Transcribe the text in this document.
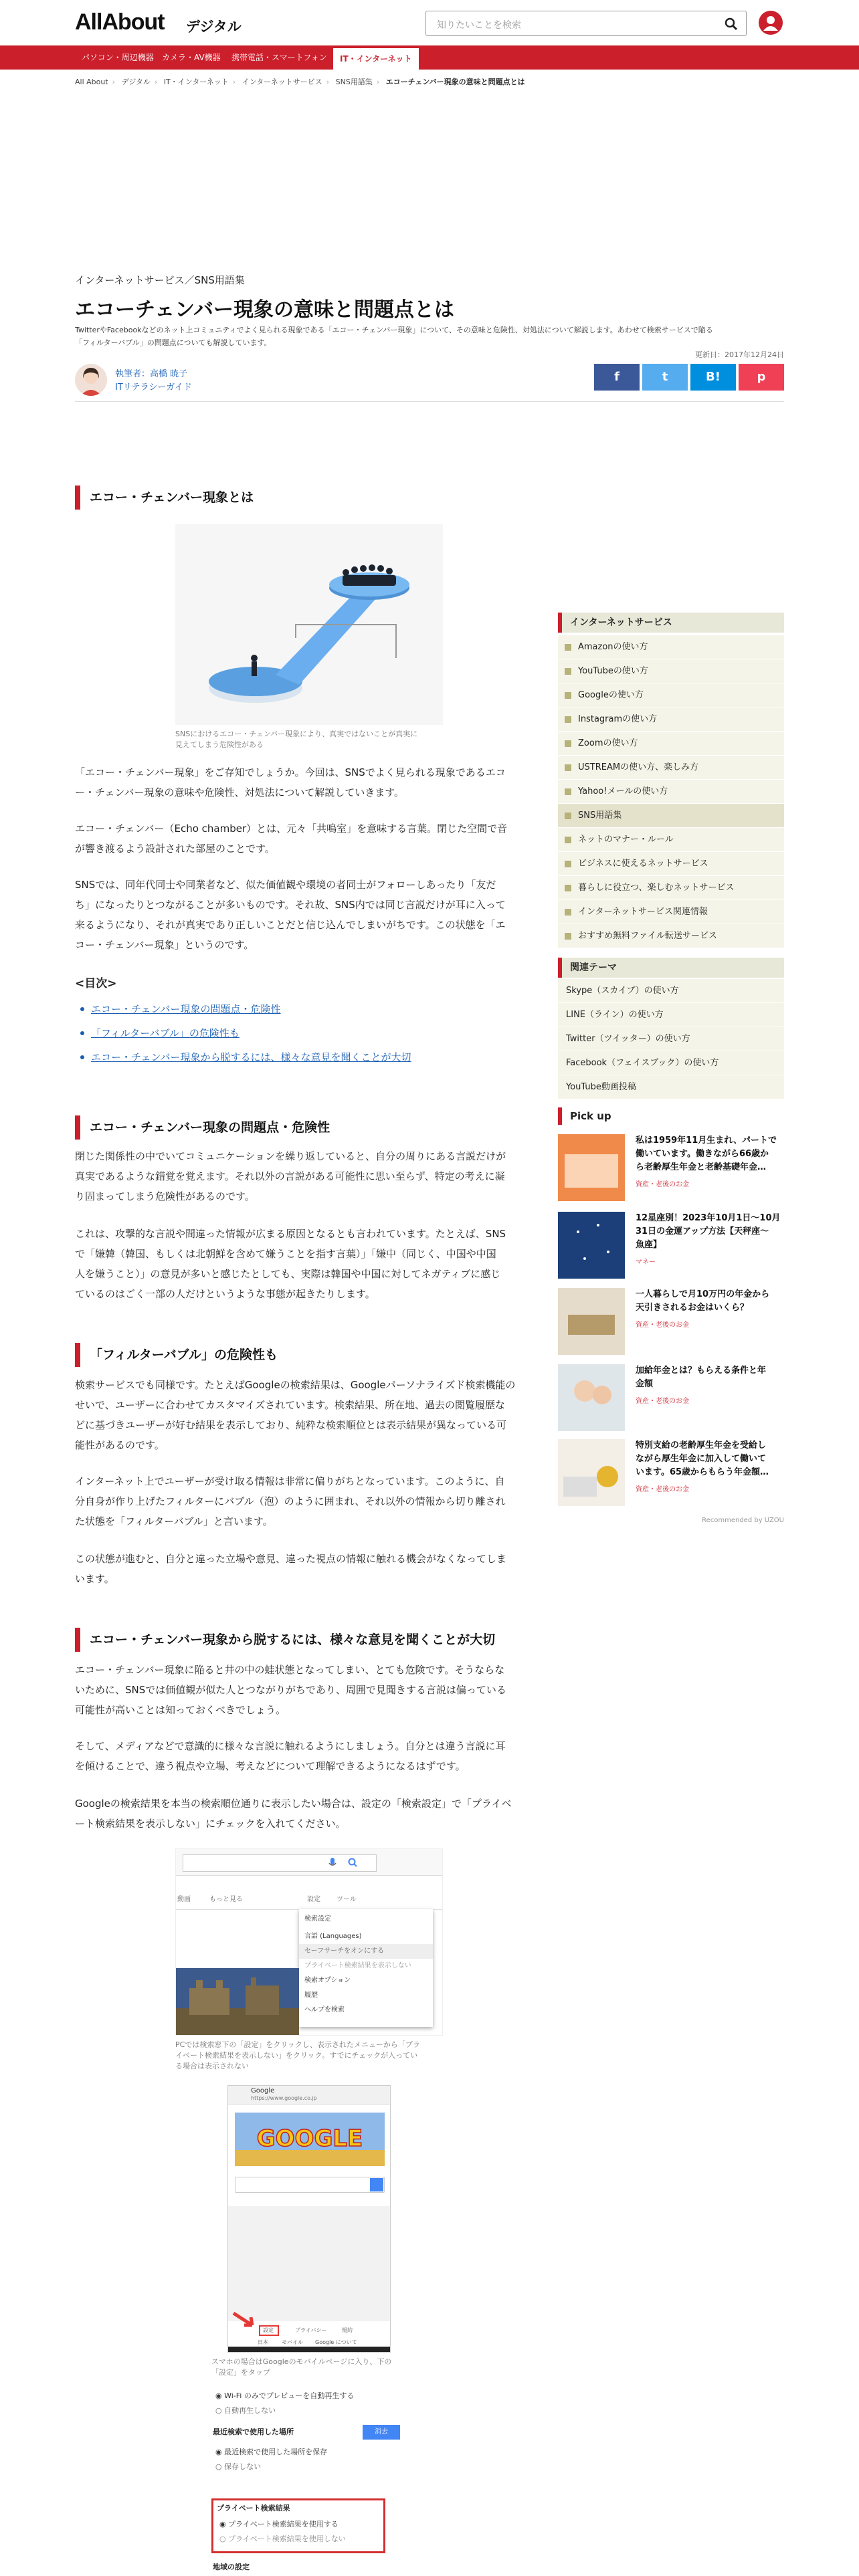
AllAbout デジタル	知りたいことを検索
パソコン・周辺機器	カメラ・AV機器	携帯電話・スマートフォン	IT・インターネット
All About › デジタル › IT・インターネット › インターネットサービス › SNS用語集 › エコーチェンバー現象の意味と問題点とは
インターネットサービス／SNS用語集
エコーチェンバー現象の意味と問題点とは
TwitterやFacebookなどのネット上コミュニティでよく見られる現象である「エコー・チェンバー現象」について、その意味と危険性、対処法について解説します。あわせて検索サービスで陥る
「フィルターバブル」の問題点についても解説しています。
更新日：2017年12月24日
執筆者：高橋 暁子
ITリテラシーガイド
f	t	B!	p
エコー・チェンバー現象とは
SNSにおけるエコー・チェンバー現象により、真実ではないことが真実に
見えてしまう危険性がある
「エコー・チェンバー現象」をご存知でしょうか。今回は、SNSでよく見られる現象であるエコ
ー・チェンバー現象の意味や危険性、対処法について解説していきます。
エコー・チェンバー（Echo chamber）とは、元々「共鳴室」を意味する言葉。閉じた空間で音
が響き渡るよう設計された部屋のことです。
SNSでは、同年代同士や同業者など、似た価値観や環境の者同士がフォローしあったり「友だ
ち」になったりとつながることが多いものです。それ故、SNS内では同じ言説だけが耳に入って
来るようになり、それが真実であり正しいことだと信じ込んでしまいがちです。この状態を「エ
コー・チェンバー現象」というのです。
<目次>
エコー・チェンバー現象の問題点・危険性
「フィルターバブル」の危険性も
エコー・チェンバー現象から脱するには、様々な意見を聞くことが大切
エコー・チェンバー現象の問題点・危険性
閉じた関係性の中でいてコミュニケーションを繰り返していると、自分の周りにある言説だけが
真実であるような錯覚を覚えます。それ以外の言説がある可能性に思い至らず、特定の考えに凝
り固まってしまう危険性があるのです。
これは、攻撃的な言説や間違った情報が広まる原因となるとも言われています。たとえば、SNS
で「嫌韓（韓国、もしくは北朝鮮を含めて嫌うことを指す言葉）」「嫌中（同じく、中国や中国
人を嫌うこと）」の意見が多いと感じたとしても、実際は韓国や中国に対してネガティブに感じ
ているのはごく一部の人だけというような事態が起きたりします。
「フィルターバブル」の危険性も
検索サービスでも同様です。たとえばGoogleの検索結果は、Googleパーソナライズド検索機能の
せいで、ユーザーに合わせてカスタマイズされています。検索結果、所在地、過去の閲覧履歴な
どに基づきユーザーが好む結果を表示しており、純粋な検索順位とは表示結果が異なっている可
能性があるのです。
インターネット上でユーザーが受け取る情報は非常に偏りがちとなっています。このように、自
分自身が作り上げたフィルターにバブル（泡）のように囲まれ、それ以外の情報から切り離され
た状態を「フィルターバブル」と言います。
この状態が進むと、自分と違った立場や意見、違った視点の情報に触れる機会がなくなってしま
います。
エコー・チェンバー現象から脱するには、様々な意見を聞くことが大切
エコー・チェンバー現象に陥ると井の中の蛙状態となってしまい、とても危険です。そうならな
いために、SNSでは価値観が似た人とつながりがちであり、周囲で見聞きする言説は偏っている
可能性が高いことは知っておくべきでしょう。
そして、メディアなどで意識的に様々な言説に触れるようにしましょう。自分とは違う言説に耳
を傾けることで、違う視点や立場、考えなどについて理解できるようになるはずです。
Googleの検索結果を本当の検索順位通りに表示したい場合は、設定の「検索設定」で「プライベ
ート検索結果を表示しない」にチェックを入れてください。
動画	もっと見る	設定 ツール
検索設定
言語 (Languages)
セーフサーチをオンにする
プライベート検索結果を表示しない
検索オプション
履歴
ヘルプを検索
PCでは検索窓下の「設定」をクリックし、表示されたメニューから「プラ
イベート検索結果を表示しない」をクリック。すでにチェックが入ってい
る場合は表示されない
Google
https://www.google.co.jp
GOOGLE
設定	プライバシー	規約
日本	モバイル Google について
スマホの場合はGoogleのモバイルページに入り、下の
「設定」をタップ
◉ Wi-Fi のみでプレビューを自動再生する
○ 自動再生しない
最近検索で使用した場所	消去
◉ 最近検索で使用した場所を保存
○ 保存しない
プライベート検索結果
◉ プライベート検索結果を使用する
○ プライベート検索結果を使用しない
地域の設定
インターネットサービス
Amazonの使い方
YouTubeの使い方
Googleの使い方
Instagramの使い方
Zoomの使い方
USTREAMの使い方、楽しみ方
Yahoo!メールの使い方
SNS用語集
ネットのマナー・ルール
ビジネスに使えるネットサービス
暮らしに役立つ、楽しむネットサービス
インターネットサービス関連情報
おすすめ無料ファイル転送サービス
関連テーマ
Skype（スカイプ）の使い方
LINE（ライン）の使い方
Twitter（ツイッター）の使い方
Facebook（フェイスブック）の使い方
YouTube動画投稿
Pick up
私は1959年11月生まれ、パートで
働いています。働きながら66歳か
ら老齢厚生年金と老齢基礎年金…
資産・老後のお金
12星座別！2023年10月1日～10月
31日の金運アップ方法【天秤座～
魚座】
マネー
一人暮らしで月10万円の年金から
天引きされるお金はいくら？
資産・老後のお金
加給年金とは？もらえる条件と年
金額
資産・老後のお金
特別支給の老齢厚生年金を受給し
ながら厚生年金に加入して働いて
います。65歳からもらう年金額…
資産・老後のお金
Recommended by UZOU
